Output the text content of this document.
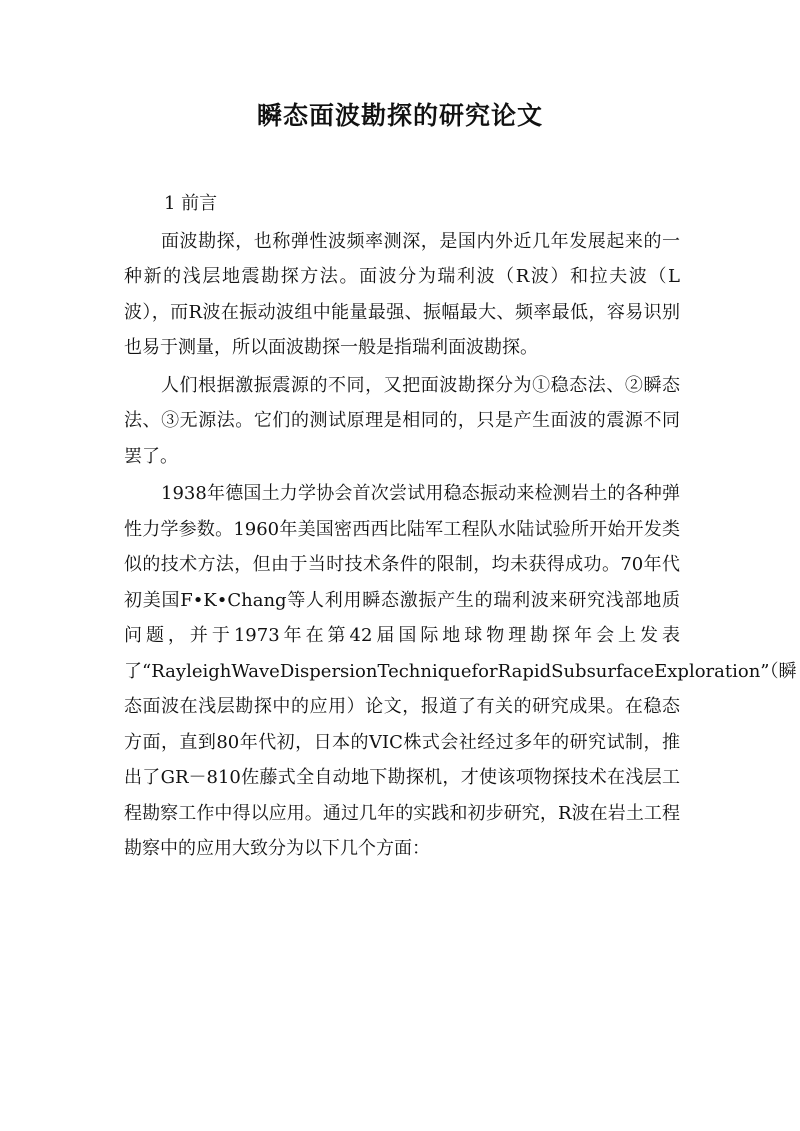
瞬态面波勘探的研究论文

1 前言

面波勘探，也称弹性波频率测深，是国内外近几年发展起来的一种新的浅层地震勘探方法。面波分为瑞利波（R波）和拉夫波（L波），而R波在振动波组中能量最强、振幅最大、频率最低，容易识别也易于测量，所以面波勘探一般是指瑞利面波勘探。

人们根据激振震源的不同，又把面波勘探分为①稳态法、②瞬态法、③无源法。它们的测试原理是相同的，只是产生面波的震源不同罢了。

1938年德国土力学协会首次尝试用稳态振动来检测岩土的各种弹性力学参数。1960年美国密西西比陆军工程队水陆试验所开始开发类似的技术方法，但由于当时技术条件的限制，均未获得成功。70年代初美国F•K•Chang等人利用瞬态激振产生的瑞利波来研究浅部地质问题，并于1973年在第42届国际地球物理勘探年会上发表了“RayleighWaveDispersionTechniqueforRapidSubsurfaceExploration”（瞬态面波在浅层勘探中的应用）论文，报道了有关的研究成果。在稳态方面，直到80年代初，日本的VIC株式会社经过多年的研究试制，推出了GR－810佐藤式全自动地下勘探机，才使该项物探技术在浅层工程勘察工作中得以应用。通过几年的实践和初步研究，R波在岩土工程勘察中的应用大致分为以下几个方面：
